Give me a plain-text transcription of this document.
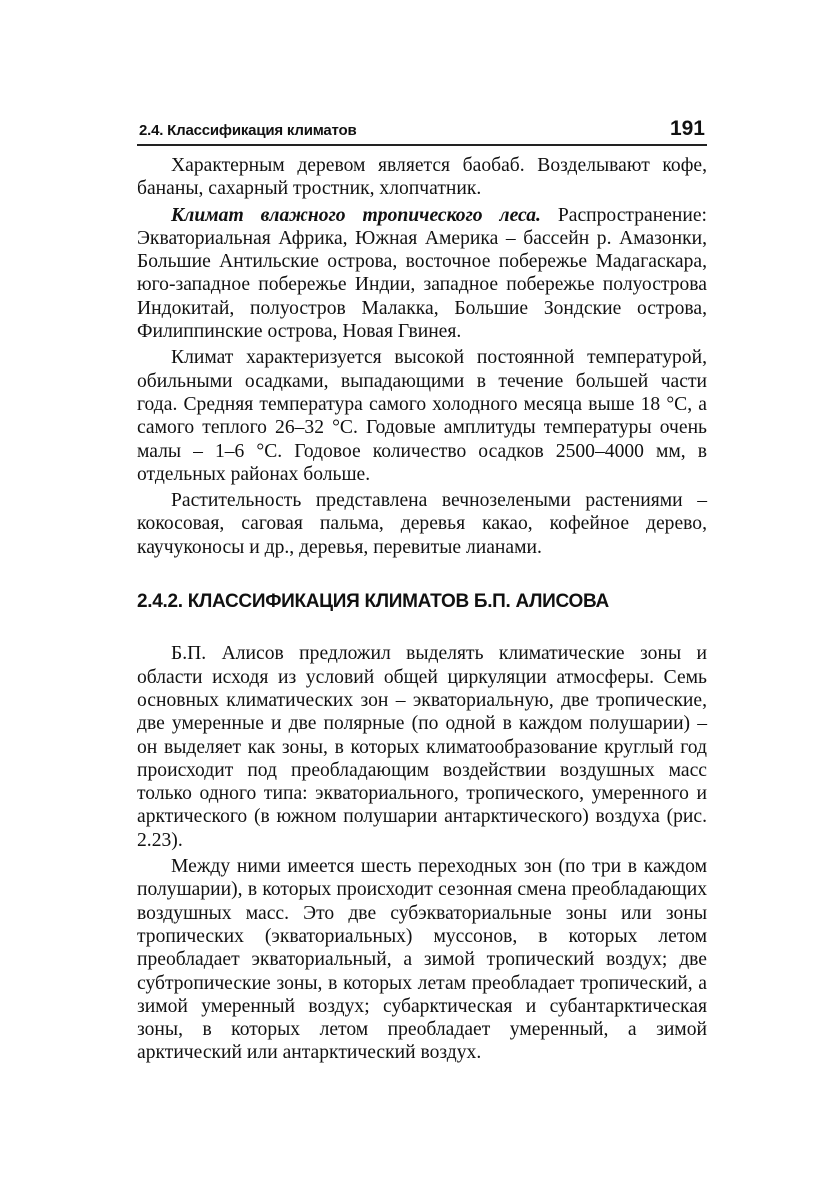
2.4. Классификация климатов	191

Характерным деревом является баобаб. Возделывают кофе, бананы, сахарный тростник, хлопчатник.

Климат влажного тропического леса. Распространение: Экваториальная Африка, Южная Америка – бассейн р. Амазонки, Большие Антильские острова, восточное побережье Мадагаскара, юго-западное побережье Индии, западное побережье полуострова Индокитай, полуостров Малакка, Большие Зондские острова, Филиппинские острова, Новая Гвинея.

Климат характеризуется высокой постоянной температурой, обильными осадками, выпадающими в течение большей части года. Средняя температура самого холодного месяца выше 18 °С, а самого теплого 26–32 °С. Годовые амплитуды температуры очень малы – 1–6 °С. Годовое количество осадков 2500–4000 мм, в отдельных районах больше.

Растительность представлена вечнозелеными растениями – кокосовая, саговая пальма, деревья какао, кофейное дерево, каучуконосы и др., деревья, перевитые лианами.

2.4.2. КЛАССИФИКАЦИЯ КЛИМАТОВ Б.П. АЛИСОВА

Б.П. Алисов предложил выделять климатические зоны и области исходя из условий общей циркуляции атмосферы. Семь основных климатических зон – экваториальную, две тропические, две умеренные и две полярные (по одной в каждом полушарии) – он выделяет как зоны, в которых климатообразование круглый год происходит под преобладающим воздействии воздушных масс только одного типа: экваториального, тропического, умеренного и арктического (в южном полушарии антарктического) воздуха (рис. 2.23).

Между ними имеется шесть переходных зон (по три в каждом полушарии), в которых происходит сезонная смена преобладающих воздушных масс. Это две субэкваториальные зоны или зоны тропических (экваториальных) муссонов, в которых летом преобладает экваториальный, а зимой тропический воздух; две субтропические зоны, в которых летам преобладает тропический, а зимой умеренный воздух; субарктическая и субантарктическая зоны, в которых летом преобладает умеренный, а зимой арктический или антарктический воздух.
